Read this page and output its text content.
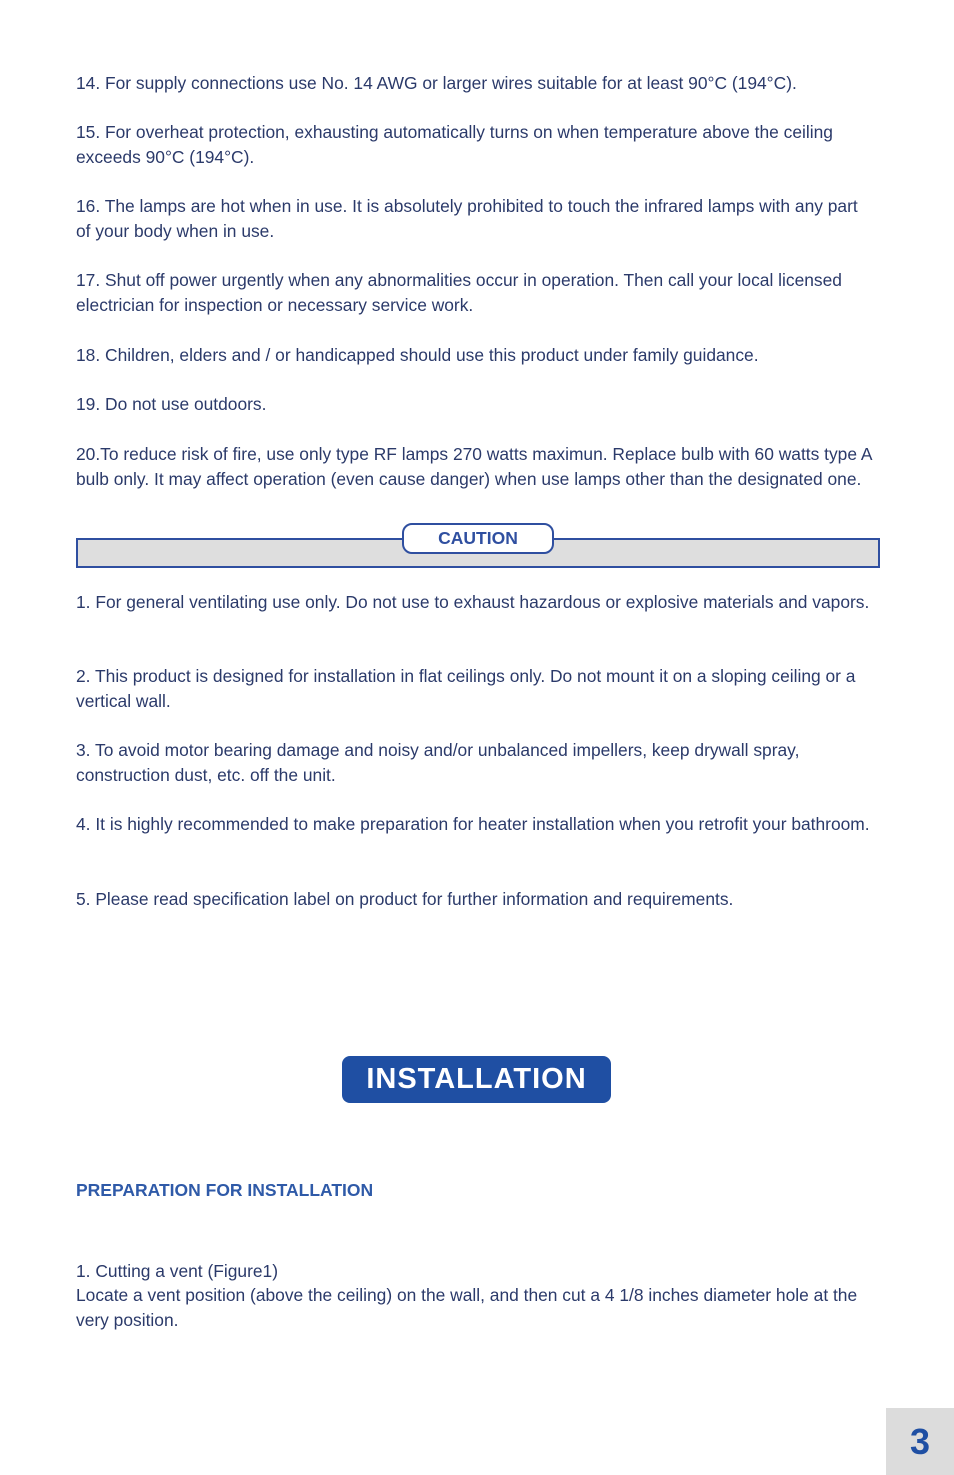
14. For supply connections use No. 14 AWG or larger wires suitable for at least 90°C (194°C).

15. For overheat protection, exhausting automatically turns on when temperature above the ceiling exceeds 90°C (194°C).

16. The lamps are hot when in use. It is absolutely prohibited to touch the infrared lamps with any part of your body when in use.

17. Shut off power urgently when any abnormalities occur in operation. Then call your local licensed electrician for inspection or necessary service work.

18. Children, elders and / or handicapped should use this product under family guidance.

19. Do not use outdoors.

20.To reduce risk of fire, use only type RF lamps 270 watts maximun. Replace bulb with 60 watts type A bulb only. It may affect operation (even cause danger) when use lamps other than the designated one.

CAUTION

1. For general ventilating use only. Do not use to exhaust hazardous or explosive materials and vapors.

2. This product is designed for installation in flat ceilings only. Do not mount it on a sloping ceiling or a vertical wall.

3. To avoid motor bearing damage and noisy and/or unbalanced impellers, keep drywall spray, construction dust, etc. off the unit.

4. It is highly recommended to make preparation for heater installation when you retrofit your bathroom.

5. Please read specification label on product for further information and requirements.

INSTALLATION

PREPARATION FOR INSTALLATION

1. Cutting a vent (Figure1)

Locate a vent position (above the ceiling) on the wall, and then cut a 4 1/8 inches diameter hole at the very position.

3
